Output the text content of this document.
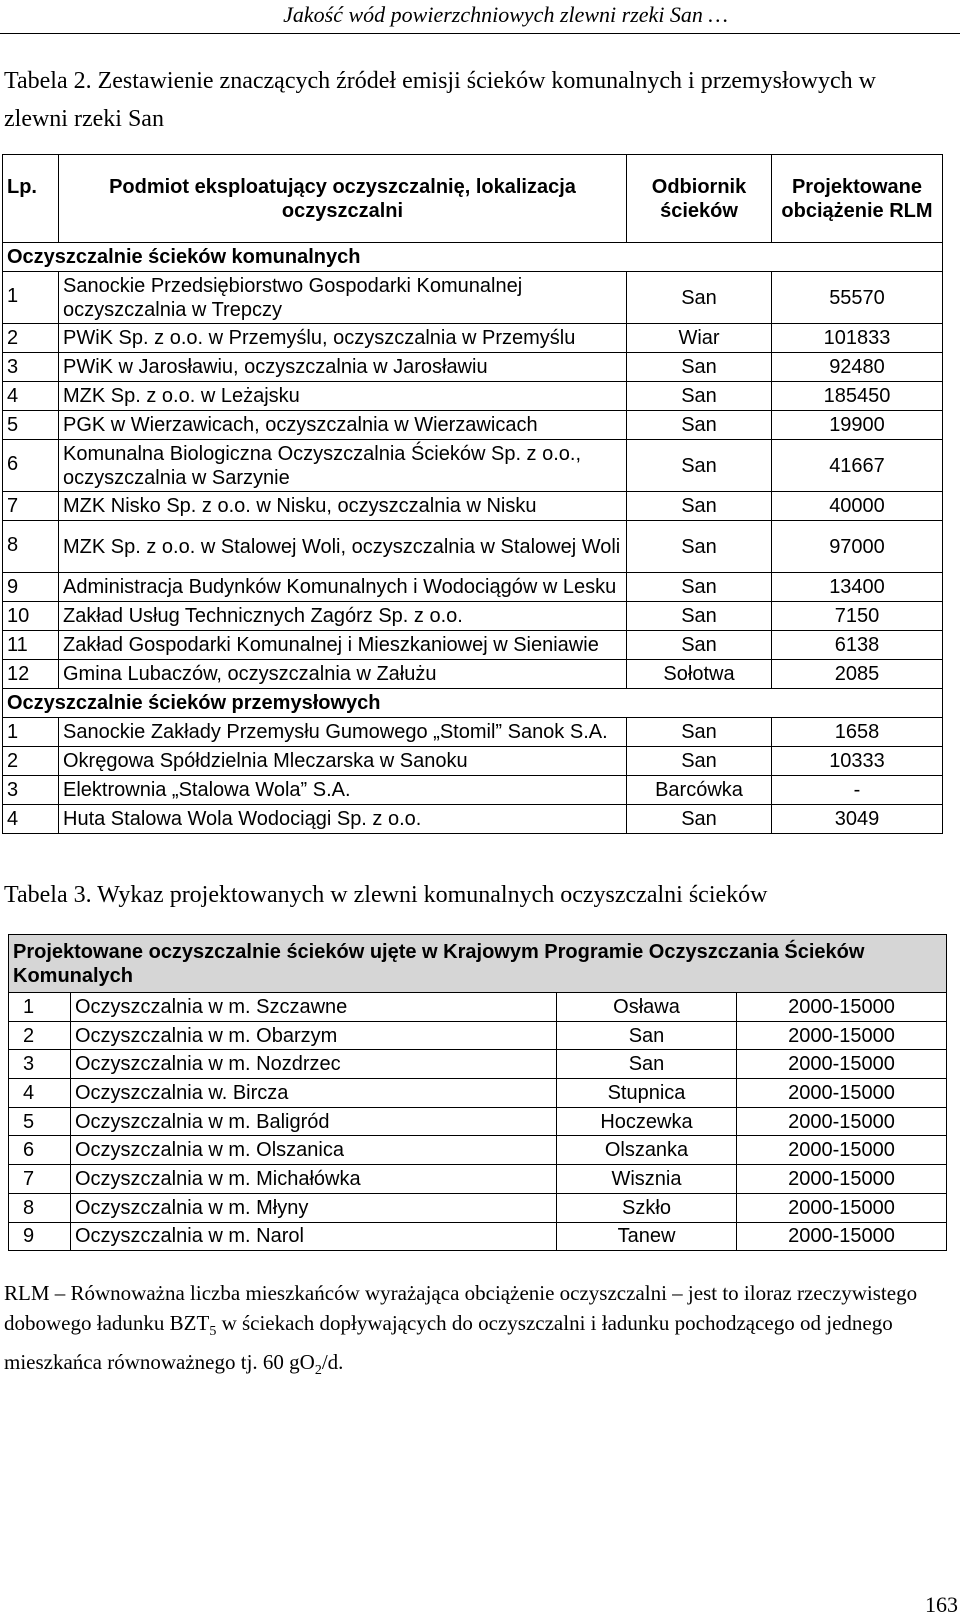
Jakość wód powierzchniowych zlewni rzeki San …
Tabela 2. Zestawienie znaczących źródeł emisji ścieków komunalnych i przemysłowych w zlewni rzeki San
Lp.	Podmiot eksploatujący oczyszczalnię, lokalizacja oczyszczalni	Odbiornik ścieków	Projektowane obciążenie RLM
Oczyszczalnie ścieków komunalnych			
1	Sanockie Przedsiębiorstwo Gospodarki Komunalnej oczyszczalnia w Trepczy	San	55570
2	PWiK Sp. z o.o. w Przemyślu, oczyszczalnia w Przemyślu	Wiar	101833
3	PWiK w Jarosławiu, oczyszczalnia w Jarosławiu	San	92480
4	MZK Sp. z o.o. w Leżajsku	San	185450
5	PGK w Wierzawicach, oczyszczalnia w Wierzawicach	San	19900
6	Komunalna Biologiczna Oczyszczalnia Ścieków Sp. z o.o., oczyszczalnia w Sarzynie	San	41667
7	MZK Nisko Sp. z o.o. w Nisku, oczyszczalnia w Nisku	San	40000
8	MZK Sp. z o.o. w Stalowej Woli, oczyszczalnia w Stalowej Woli	San	97000
9	Administracja Budynków Komunalnych i Wodociągów w Lesku	San	13400
10	Zakład Usług Technicznych Zagórz Sp. z o.o.	San	7150
11	Zakład Gospodarki Komunalnej i Mieszkaniowej w Sieniawie	San	6138
12	Gmina Lubaczów, oczyszczalnia w Załużu	Sołotwa	2085
Oczyszczalnie ścieków przemysłowych			
1	Sanockie Zakłady Przemysłu Gumowego „Stomil” Sanok S.A.	San	1658
2	Okręgowa Spółdzielnia Mleczarska w Sanoku	San	10333
3	Elektrownia „Stalowa Wola” S.A.	Barcówka	-
4	Huta Stalowa Wola Wodociągi Sp. z o.o.	San	3049
Tabela 3. Wykaz projektowanych w zlewni komunalnych oczyszczalni ścieków
Projektowane oczyszczalnie ścieków ujęte w Krajowym Programie Oczyszczania Ścieków Komunalych			
1	Oczyszczalnia w m. Szczawne	Osława	2000-15000
2	Oczyszczalnia w m. Obarzym	San	2000-15000
3	Oczyszczalnia w m. Nozdrzec	San	2000-15000
4	Oczyszczalnia w. Bircza	Stupnica	2000-15000
5	Oczyszczalnia w m. Baligród	Hoczewka	2000-15000
6	Oczyszczalnia w m. Olszanica	Olszanka	2000-15000
7	Oczyszczalnia w m. Michałówka	Wisznia	2000-15000
8	Oczyszczalnia w m. Młyny	Szkło	2000-15000
9	Oczyszczalnia w m. Narol	Tanew	2000-15000
RLM – Równoważna liczba mieszkańców wyrażająca obciążenie oczyszczalni – jest to iloraz rzeczywistego dobowego ładunku $BZT_5$ w ściekach dopływających do oczyszczalni i ładunku pochodzącego od jednego mieszkańca równoważnego tj. 60 $gO_2/d$.
163
